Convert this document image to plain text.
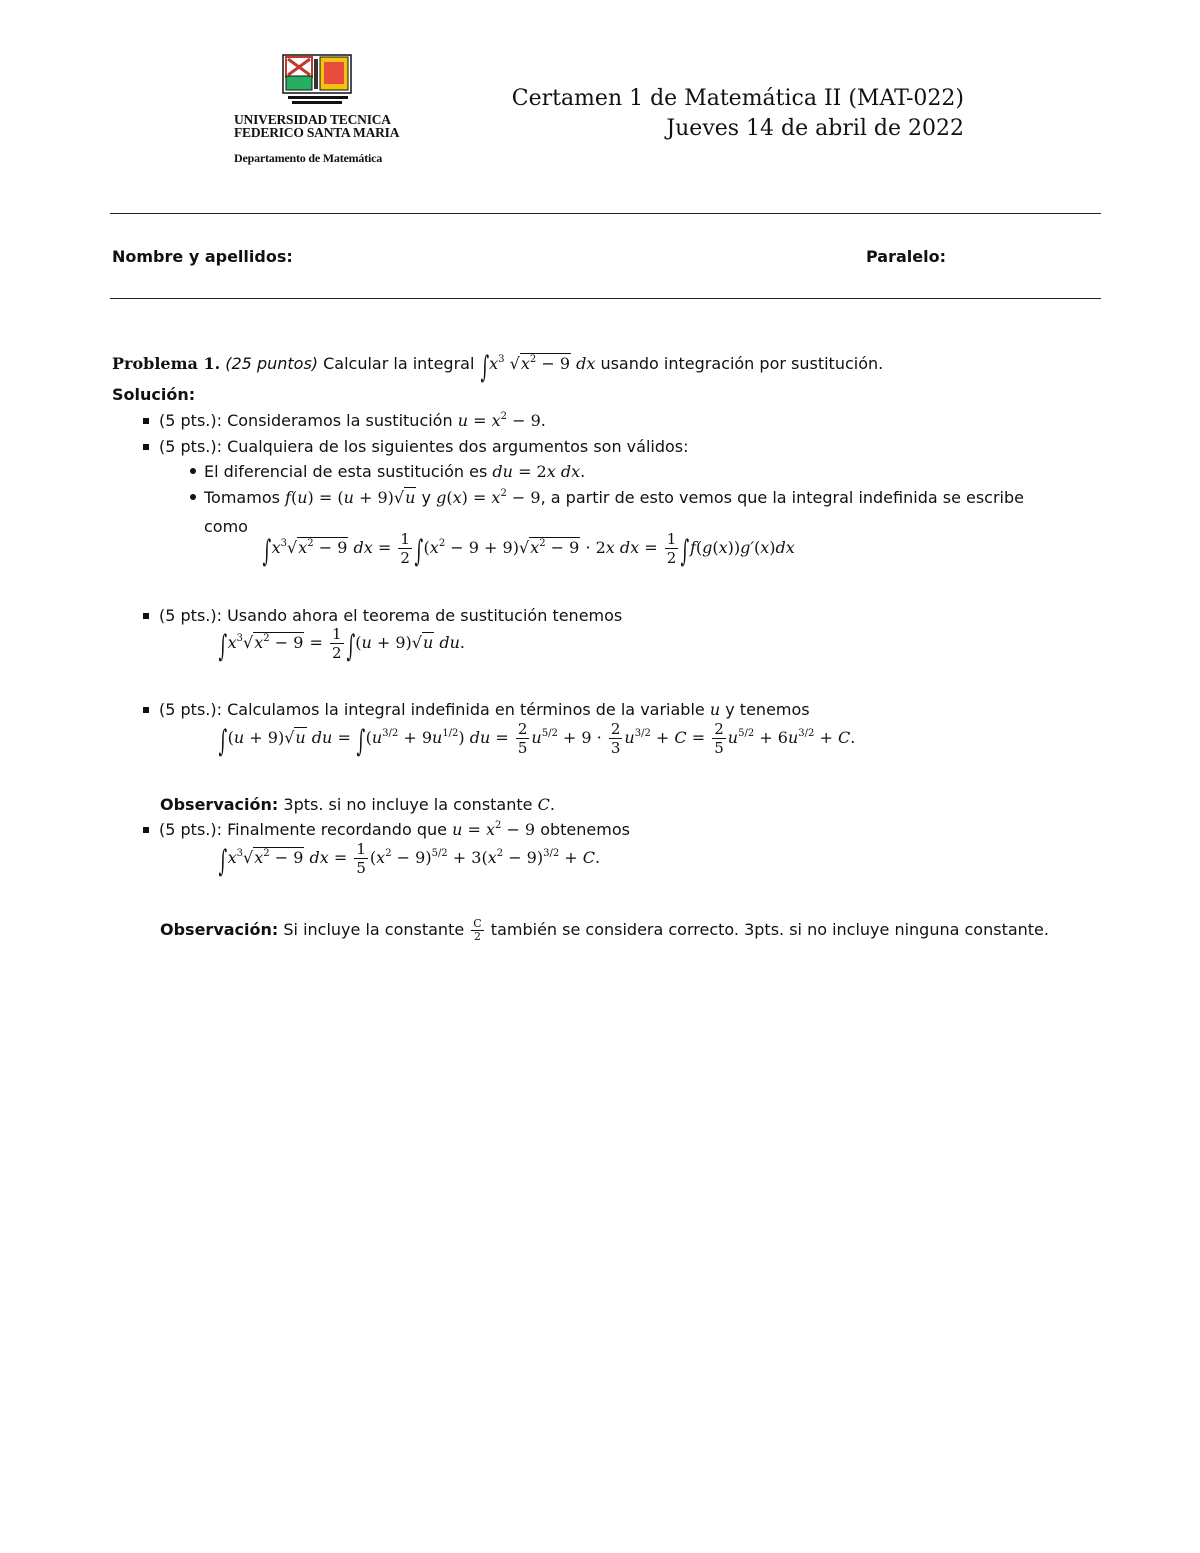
UNIVERSIDAD TECNICA
FEDERICO SANTA MARIA
Departamento de Matemática
Certamen 1 de Matemática II (MAT-022)
Jueves 14 de abril de 2022
Nombre y apellidos:	Paralelo:
Problema 1. (25 puntos) Calcular la integral $\int x^3$ $√x^2 - 9$ dx usando integración por sustitución.
Solución:
(5 pts.): Consideramos la sustitución $u = x^2 - 9$.
(5 pts.): Cualquiera de los siguientes dos argumentos son válidos:
El diferencial de esta sustitución es du = 2x dx.
Tomamos f(u) = (u + 9)√u y $g(x) = x^2 - 9$, a partir de esto vemos que la integral indefinida se escribe
como
$\int x^3√x^2 - 9$ dx = $\frac{1}{2} \int(x^2 - 9 + 9)√x^2 - 9 \cdot 2x$ dx = $\frac{1}{2} \int f(g(x))g'(x)dx$
(5 pts.): Usando ahora el teorema de sustitución tenemos
$\int x^3√x^2 - 9 = \frac{1}{2} \int(u + 9)√u$ du.
(5 pts.): Calculamos la integral indefinida en términos de la variable u y tenemos
∫(u + 9)√u du = $\int(u^{3/2} + 9u^{1/2})$ du = $\frac{2}{5} u^{5/2} + 9 \cdot \frac{2}{3} u^{3/2} + C = \frac{2}{5} u^{5/2} + 6u^{3/2} + C$.
Observación: 3pts. si no incluye la constante C.
(5 pts.): Finalmente recordando que $u = x^2 - 9$ obtenemos
$\int x^3√x^2 - 9$ dx = $\frac{1}{5} (x^2 - 9)^{5/2} + 3(x^2 - 9)^{3/2} + C$.
Observación: Si incluye la constante $\frac{C}{2}$ también se considera correcto. 3pts. si no incluye ninguna constante.
